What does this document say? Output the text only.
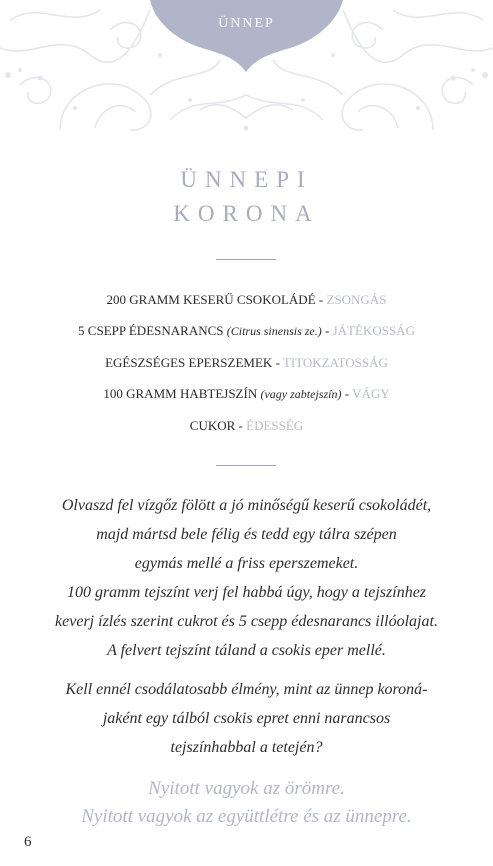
ÜNNEP
ÜNNEPI
KORONA
200 GRAMM KESERŰ CSOKOLÁDÉ - ZSONGÁS
5 CSEPP ÉDESNARANCS (Citrus sinensis ze.) - JÁTÉKOSSÁG
EGÉSZSÉGES EPERSZEMEK - TITOKZATOSSÁG
100 GRAMM HABTEJSZÍN (vagy zabtejszín) - VÁGY
CUKOR - ÉDESSÉG

Olvaszd fel vízgőz fölött a jó minőségű keserű csokoládét,
majd mártsd bele félig és tedd egy tálra szépen
egymás mellé a friss eperszemeket.
100 gramm tejszínt verj fel habbá úgy, hogy a tejszínhez
keverj ízlés szerint cukrot és 5 csepp édesnarancs illóolajat.
A felvert tejszínt táland a csokis eper mellé.

Kell ennél csodálatosabb élmény, mint az ünnep koroná-
jaként egy tálból csokis epret enni narancsos
tejszínhabbal a tetején?

Nyitott vagyok az örömre.
Nyitott vagyok az együttlétre és az ünnepre.
6
